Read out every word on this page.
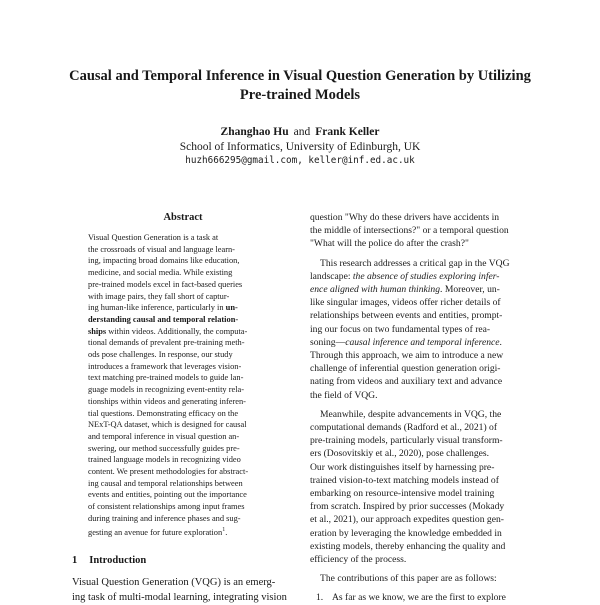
Causal and Temporal Inference in Visual Question Generation by Utilizing Pre-trained Models
Zhanghao Hu and Frank Keller
School of Informatics, University of Edinburgh, UK
huzh666295@gmail.com, keller@inf.ed.ac.uk
Abstract
Visual Question Generation is a task at
the crossroads of visual and language learn-
ing, impacting broad domains like education,
medicine, and social media. While existing
pre-trained models excel in fact-based queries
with image pairs, they fall short of captur-
ing human-like inference, particularly in un-
derstanding causal and temporal relation-
ships within videos. Additionally, the computa-
tional demands of prevalent pre-training meth-
ods pose challenges. In response, our study
introduces a framework that leverages vision-
text matching pre-trained models to guide lan-
guage models in recognizing event-entity rela-
tionships within videos and generating inferen-
tial questions. Demonstrating efficacy on the
NExT-QA dataset, which is designed for causal
and temporal inference in visual question an-
swering, our method successfully guides pre-
trained language models in recognizing video
content. We present methodologies for abstract-
ing causal and temporal relationships between
events and entities, pointing out the importance
of consistent relationships among input frames
during training and inference phases and sug-
gesting an avenue for future exploration$^1$.
1 Introduction
Visual Question Generation (VQG) is an emerg-
ing task of multi-modal learning, integrating vision

question "Why do these drivers have accidents in
the middle of intersections?" or a temporal question
"What will the police do after the crash?"

This research addresses a critical gap in the VQG
landscape: the absence of studies exploring infer-
ence aligned with human thinking. Moreover, un-
like singular images, videos offer richer details of
relationships between events and entities, prompt-
ing our focus on two fundamental types of rea-
soning—causal inference and temporal inference.
Through this approach, we aim to introduce a new
challenge of inferential question generation origi-
nating from videos and auxiliary text and advance
the field of VQG.

Meanwhile, despite advancements in VQG, the
computational demands (Radford et al., 2021) of
pre-training models, particularly visual transform-
ers (Dosovitskiy et al., 2020), pose challenges.
Our work distinguishes itself by harnessing pre-
trained vision-to-text matching models instead of
embarking on resource-intensive model training
from scratch. Inspired by prior successes (Mokady
et al., 2021), our approach expedites question gen-
eration by leveraging the knowledge embedded in
existing models, thereby enhancing the quality and
efficiency of the process.

The contributions of this paper are as follows:

1. As far as we know, we are the first to explore
